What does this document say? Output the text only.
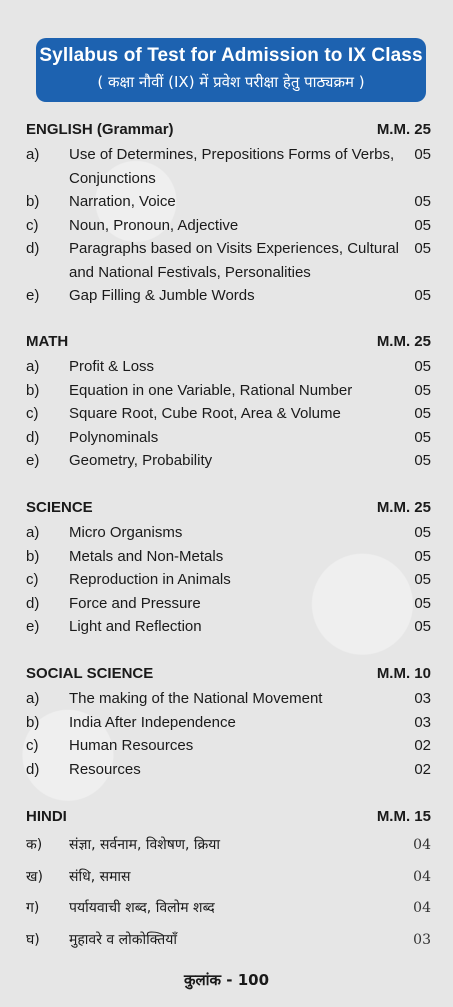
Syllabus of Test for Admission to IX Class
( कक्षा नौवीं (IX) में प्रवेश परीक्षा हेतु पाठ्यक्रम )
ENGLISH (Grammar)	M.M. 25
a) Use of Determines, Prepositions Forms of Verbs, Conjunctions
05
b) Narration, Voice	05
c) Noun, Pronoun, Adjective	05
d) Paragraphs based on Visits Experiences, Cultural and National Festivals, Personalities
05
e) Gap Filling & Jumble Words	05
MATH	M.M. 25
a) Profit & Loss	05
b) Equation in one Variable, Rational Number	05
c) Square Root, Cube Root, Area & Volume	05
d) Polynominals	05
e) Geometry, Probability	05
SCIENCE	M.M. 25
a) Micro Organisms	05
b) Metals and Non-Metals	05
c) Reproduction in Animals	05
d) Force and Pressure	05
e) Light and Reflection	05
SOCIAL SCIENCE	M.M. 10
a) The making of the National Movement	03
b) India After Independence	03
c) Human Resources	02
d) Resources	02
HINDI	M.M. 15
क) संज्ञा, सर्वनाम, विशेषण, क्रिया	04
ख) संधि, समास	04
ग) पर्यायवाची शब्द, विलोम शब्द	04
घ) मुहावरे व लोकोक्तियाँ	03
कुलांक - 100
